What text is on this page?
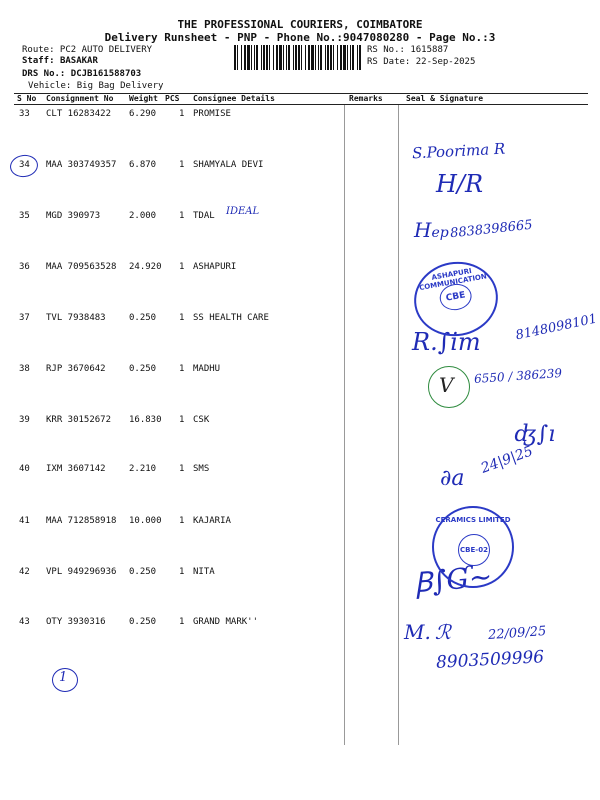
THE PROFESSIONAL COURIERS, COIMBATORE
Delivery Runsheet - PNP - Phone No.:9047080280 - Page No.:3
Route: PC2 AUTO DELIVERY
Staff: BASAKAR
DRS No.: DCJB161588703
Vehicle: Big Bag Delivery
RS No.: 1615887
RS Date: 22-Sep-2025
S No Consignment No Weight PCS Consignee Details	Remarks	Seal & Signature
33 CLT 16283422 6.290	1 PROMISE
34 MAA 303749357 6.870	1 SHAMYALA DEVI
35 MGD 390973	2.000	1 TDAL
36 MAA 709563528 24.920 1 ASHAPURI
37 TVL 7938483	0.250	1 SS HEALTH CARE
38 RJP 3670642	0.250	1 MADHU
39 KRR 30152672 16.830 1 CSK
40 IXM 3607142	2.210	1 SMS
41 MAA 712858918 10.000 1 KAJARIA
42 VPL 949296936 0.250	1 NITA
43 OTY 3930316	0.250	1 GRAND MARK''
S.Poorima R
H/R
IDEAL
8838398665
Hep
8148098101
R.∫im
6550 / 386239
ʤ∫ı
24|9|25
∂a
Ꞵ∫Ɠ~
M. ℛ	22/09/25
8903509996
1
ASHAPURI COMMUNICATION
CBE
V
CERAMICS LIMITED
CBE-02
